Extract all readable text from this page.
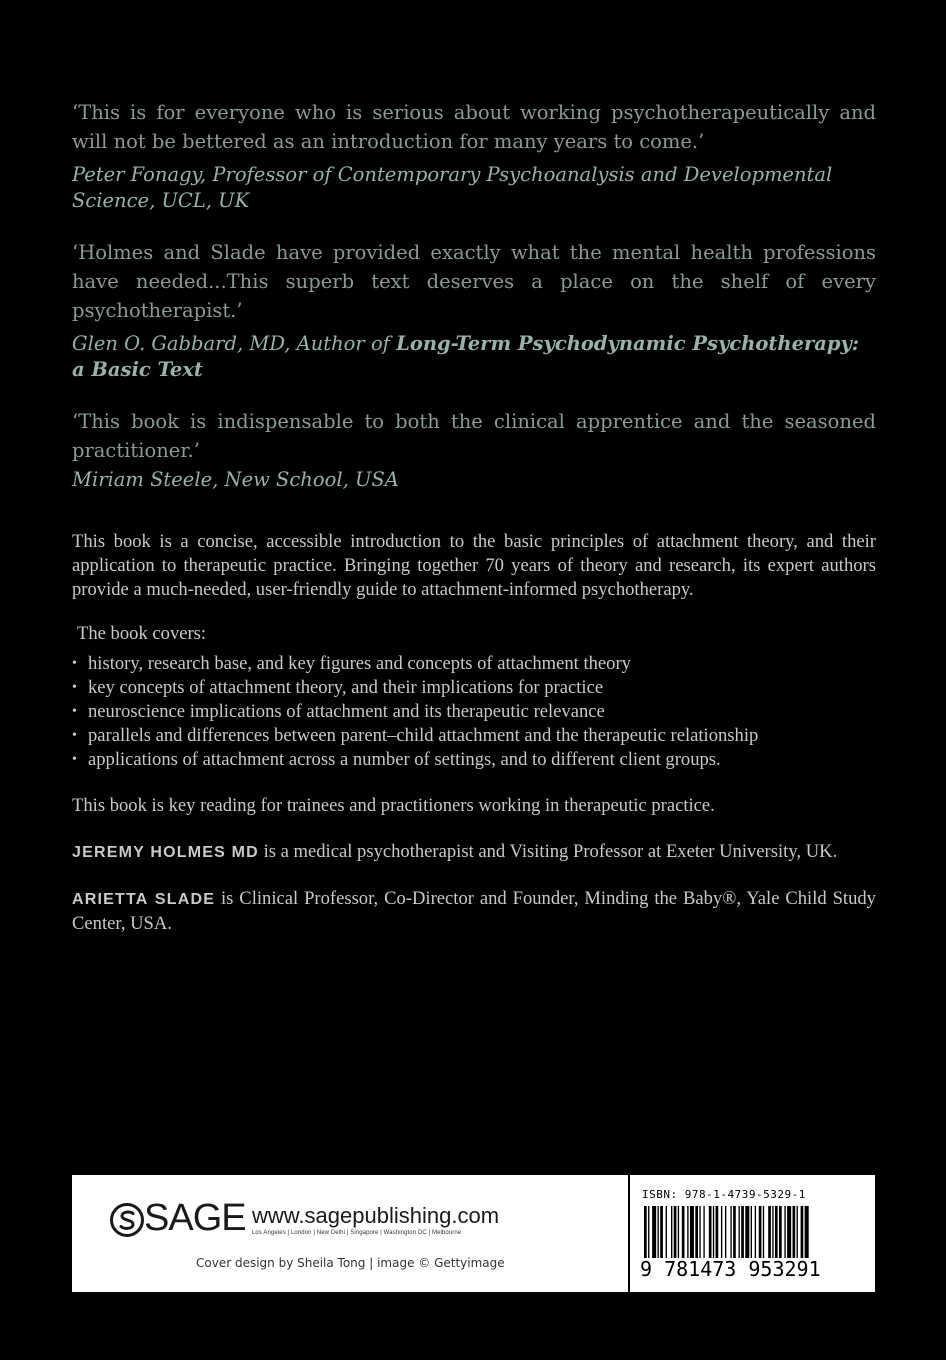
‘This is for everyone who is serious about working psychotherapeutically and will not be bettered as an introduction for many years to come.’

Peter Fonagy, Professor of Contemporary Psychoanalysis and Developmental Science, UCL, UK

‘Holmes and Slade have provided exactly what the mental health professions have needed...This superb text deserves a place on the shelf of every psychotherapist.’

Glen O. Gabbard, MD, Author of Long-Term Psychodynamic Psychotherapy: a Basic Text

‘This book is indispensable to both the clinical apprentice and the seasoned practitioner.’

Miriam Steele, New School, USA

This book is a concise, accessible introduction to the basic principles of attachment theory, and their application to therapeutic practice. Bringing together 70 years of theory and research, its expert authors provide a much-needed, user-friendly guide to attachment-informed psychotherapy.

The book covers:

• history, research base, and key figures and concepts of attachment theory
• key concepts of attachment theory, and their implications for practice
• neuroscience implications of attachment and its therapeutic relevance
• parallels and differences between parent–child attachment and the therapeutic relationship
• applications of attachment across a number of settings, and to different client groups.

This book is key reading for trainees and practitioners working in therapeutic practice.

JEREMY HOLMES MD is a medical psychotherapist and Visiting Professor at Exeter University, UK.

ARIETTA SLADE is Clinical Professor, Co-Director and Founder, Minding the Baby®, Yale Child Study Center, USA.

SAGE www.sagepublishing.com
Los Angeles | London | New Delhi | Singapore | Washington DC | Melbourne
Cover design by Sheila Tong | image © Gettyimage
ISBN: 978-1-4739-5329-1
9 781473 953291
